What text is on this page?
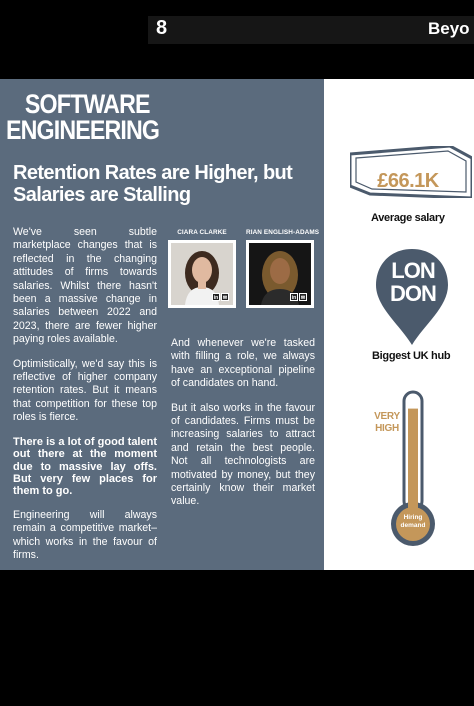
8	Beyo
SOFTWARE
ENGINEERING
Retention Rates are Higher, but Salaries are Stalling

We've seen subtle marketplace changes that is reflected in the changing attitudes of firms towards salaries. Whilst there hasn't been a massive change in salaries between 2022 and 2023, there are fewer higher paying roles available.

Optimistically, we'd say this is reflective of higher company retention rates. But it means that competition for these top roles is fierce.

There is a lot of good talent out there at the moment due to massive lay offs. But very few places for them to go.

Engineering will always remain a competitive market– which works in the favour of firms.

CIARA CLARKE
in ✉
RIAN ENGLISH-ADAMS
in ✉

And whenever we're tasked with filling a role, we always have an exceptional pipeline of candidates on hand.

But it also works in the favour of candidates. Firms must be increasing salaries to attract and retain the best people. Not all technologists are motivated by money, but they certainly know their market value.

£66.1K
Average salary
LON
DON
Biggest UK hub
VERY
HIGH
Hiring
demand
